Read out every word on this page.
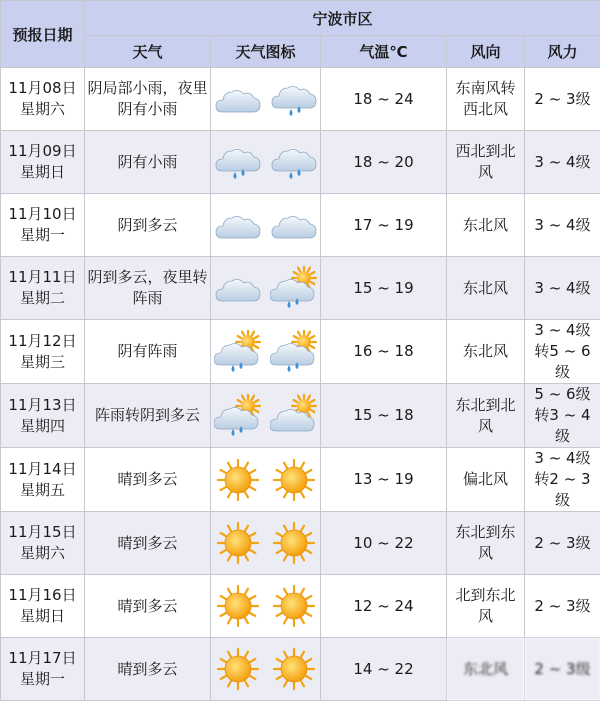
预报日期	宁波市区				
	天气	天气图标	气温℃	风向	风力

11月08日
星期六	阴局部小雨，夜里阴有小雨		18 ~ 24	东南风转西北风	2 ~ 3级

11月09日
星期日	阴有小雨		18 ~ 20	西北到北风	3 ~ 4级

11月10日
星期一	阴到多云		17 ~ 19	东北风	3 ~ 4级

11月11日
星期二	阴到多云，夜里转阵雨		15 ~ 19	东北风	3 ~ 4级

11月12日
星期三	阴有阵雨		16 ~ 18	东北风	3 ~ 4级转5 ~ 6级

11月13日
星期四	阵雨转阴到多云		15 ~ 18	东北到北风	5 ~ 6级转3 ~ 4级

11月14日
星期五	晴到多云		13 ~ 19	偏北风	3 ~ 4级转2 ~ 3级

11月15日
星期六	晴到多云		10 ~ 22	东北到东风	2 ~ 3级

11月16日
星期日	晴到多云		12 ~ 24	北到东北风	2 ~ 3级

11月17日
星期一	晴到多云		14 ~ 22	东北风	2 ~ 3级
